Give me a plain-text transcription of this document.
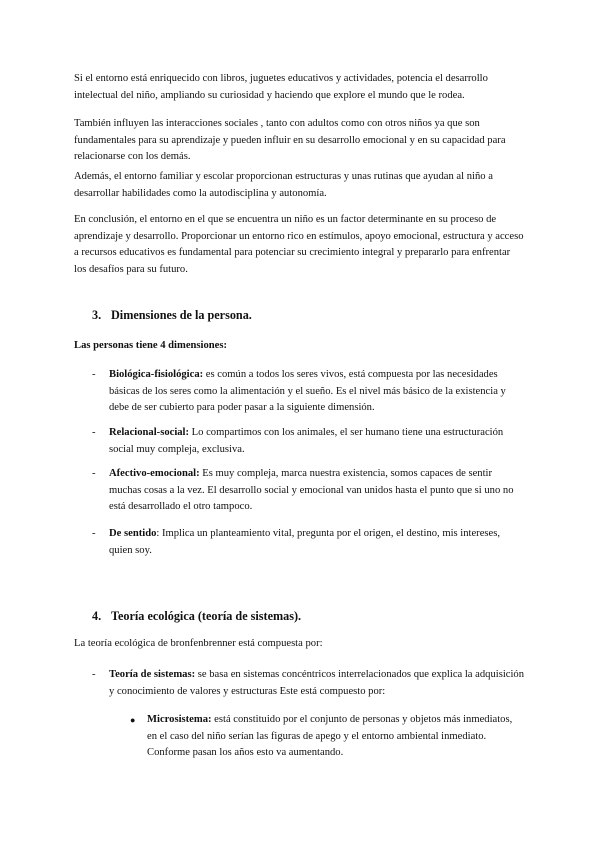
Si el entorno está enriquecido con libros, juguetes educativos y actividades, potencia el desarrollo intelectual del niño, ampliando su curiosidad y haciendo que explore el mundo que le rodea.

También influyen las interacciones sociales , tanto con adultos como con otros niños ya que son fundamentales para su aprendizaje y pueden influir en su desarrollo emocional y en su capacidad para relacionarse con los demás.

Además, el entorno familiar y escolar proporcionan estructuras y unas rutinas que ayudan al niño a desarrollar habilidades como la autodisciplina y autonomía.

En conclusión, el entorno en el que se encuentra un niño es un factor determinante en su proceso de aprendizaje y desarrollo. Proporcionar un entorno rico en estímulos, apoyo emocional, estructura y acceso a recursos educativos es fundamental para potenciar su crecimiento integral y prepararlo para enfrentar los desafíos para su futuro.

3. Dimensiones de la persona.

Las personas tiene 4 dimensiones:

- Biológica-fisiológica: es común a todos los seres vivos, está compuesta por las necesidades básicas de los seres como la alimentación y el sueño. Es el nivel más básico de la existencia y debe de ser cubierto para poder pasar a la siguiente dimensión.
- Relacional-social: Lo compartimos con los animales, el ser humano tiene una estructuración social muy compleja, exclusiva.
- Afectivo-emocional: Es muy compleja, marca nuestra existencia, somos capaces de sentir muchas cosas a la vez. El desarrollo social y emocional van unidos hasta el punto que si uno no está desarrollado el otro tampoco.
- De sentido: Implica un planteamiento vital, pregunta por el origen, el destino, mis intereses, quien soy.
4. Teoría ecológica (teoría de sistemas).

La teoría ecológica de bronfenbrenner está compuesta por:

- Teoría de sistemas: se basa en sistemas concéntricos interrelacionados que explica la adquisición y conocimiento de valores y estructuras Este está compuesto por:
● Microsistema: está constituido por el conjunto de personas y objetos más inmediatos, en el caso del niño serían las figuras de apego y el entorno ambiental inmediato. Conforme pasan los años esto va aumentando.
